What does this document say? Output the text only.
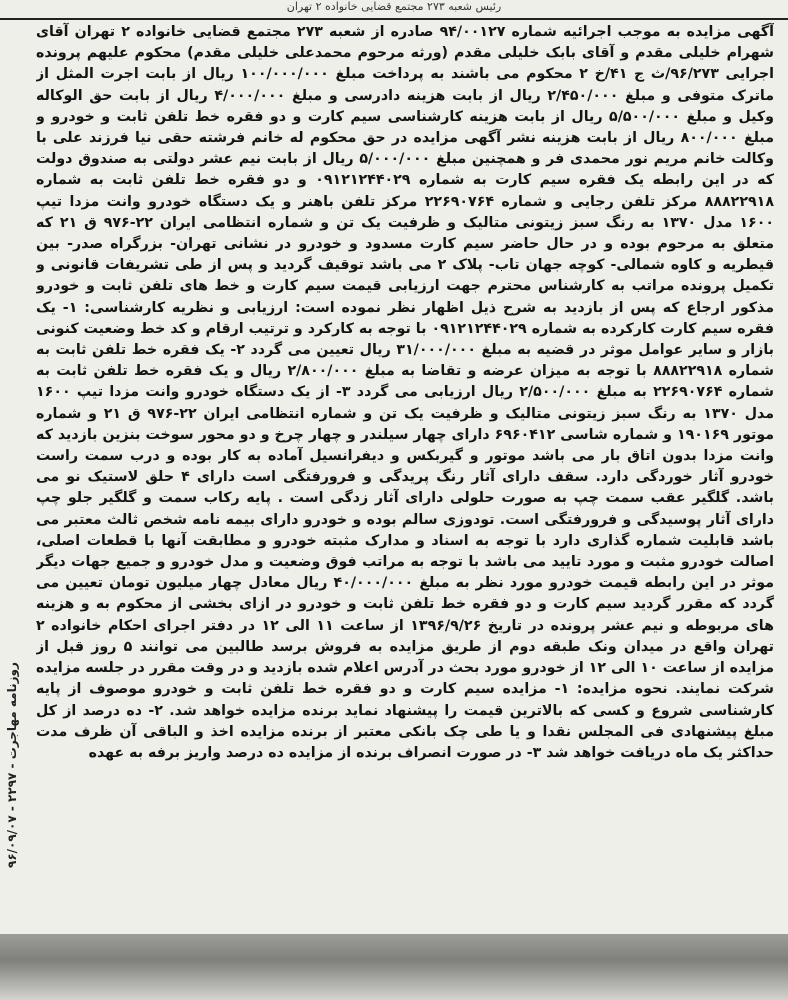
رئیس شعبه ۲۷۳ مجتمع قضایی خانواده ۲ تهران

آگهی مزایده به موجب اجرائیه شماره ۹۴/۰۰۱۲۷ صادره از شعبه ۲۷۳ مجتمع قضایی خانواده ۲ تهران آقای شهرام خلیلی مقدم و آقای بابک خلیلی مقدم (ورثه مرحوم محمدعلی خلیلی مقدم) محکوم علیهم پرونده اجرایی ۹۶/۲۷۳/ث ج ۴۱/خ ۲ محکوم می باشند به پرداخت مبلغ ۱۰۰/۰۰۰/۰۰۰ ریال از بابت اجرت المثل از ماترک متوفی و مبلغ ۲/۴۵۰/۰۰۰ ریال از بابت هزینه دادرسی و مبلغ ۴/۰۰۰/۰۰۰ ریال از بابت حق الوکاله وکیل و مبلغ ۵/۵۰۰/۰۰۰ ریال از بابت هزینه کارشناسی سیم کارت و دو فقره خط تلفن ثابت و خودرو و مبلغ ۸۰۰/۰۰۰ ریال از بابت هزینه نشر آگهی مزایده در حق محکوم له خانم فرشته حقی نیا فرزند علی با وکالت خانم مریم نور محمدی فر و همچنین مبلغ ۵/۰۰۰/۰۰۰ ریال از بابت نیم عشر دولتی به صندوق دولت که در این رابطه یک فقره سیم کارت به شماره ۰۹۱۲۱۲۴۴۰۲۹ و دو فقره خط تلفن ثابت به شماره ۸۸۸۲۲۹۱۸ مرکز تلفن رجایی و شماره ۲۲۶۹۰۷۶۴ مرکز تلفن باهنر و یک دستگاه خودرو وانت مزدا تیپ ۱۶۰۰ مدل ۱۳۷۰ به رنگ سبز زیتونی متالیک و ظرفیت یک تن و شماره انتظامی ایران ۲۲-۹۷۶ ق ۲۱ که متعلق به مرحوم بوده و در حال حاضر سیم کارت مسدود و خودرو در نشانی تهران- بزرگراه صدر- بین قیطریه و کاوه شمالی- کوچه جهان تاب- پلاک ۲ می باشد توقیف گردید و پس از طی تشریفات قانونی و تکمیل پرونده مراتب به کارشناس محترم جهت ارزیابی قیمت سیم کارت و خط های تلفن ثابت و خودرو مذکور ارجاع که پس از بازدید به شرح ذیل اظهار نظر نموده است: ارزیابی و نظریه کارشناسی: ۱- یک فقره سیم کارت کارکرده به شماره ۰۹۱۲۱۲۴۴۰۲۹ با توجه به کارکرد و ترتیب ارقام و کد خط وضعیت کنونی بازار و سایر عوامل موثر در قضیه به مبلغ ۳۱/۰۰۰/۰۰۰ ریال تعیین می گردد ۲- یک فقره خط تلفن ثابت به شماره ۸۸۸۲۲۹۱۸ با توجه به میزان عرضه و تقاضا به مبلغ ۲/۸۰۰/۰۰۰ ریال و یک فقره خط تلفن ثابت به شماره ۲۲۶۹۰۷۶۴ به مبلغ ۲/۵۰۰/۰۰۰ ریال ارزیابی می گردد ۳- از یک دستگاه خودرو وانت مزدا تیپ ۱۶۰۰ مدل ۱۳۷۰ به رنگ سبز زیتونی متالیک و ظرفیت یک تن و شماره انتظامی ایران ۲۲-۹۷۶ ق ۲۱ و شماره موتور ۱۹۰۱۶۹ و شماره شاسی ۶۹۶۰۴۱۲ دارای چهار سیلندر و چهار چرخ و دو محور سوخت بنزین بازدید که وانت مزدا بدون اتاق بار می باشد موتور و گیربکس و دیفرانسیل آماده به کار بوده و درب سمت راست خودرو آثار خوردگی دارد. سقف دارای آثار رنگ پریدگی و فرورفتگی است دارای ۴ حلق لاستیک نو می باشد. گلگیر عقب سمت چپ به صورت حلولی دارای آثار زدگی است . پایه رکاب سمت و گلگیر جلو چپ دارای آثار پوسیدگی و فرورفتگی است. تودوزی سالم بوده و خودرو دارای بیمه نامه شخص ثالث معتبر می باشد قابلیت شماره گذاری دارد با توجه به اسناد و مدارک مثبته خودرو و مطابقت آنها با قطعات اصلی، اصالت خودرو مثبت و مورد تایید می باشد با توجه به مراتب فوق وضعیت و مدل خودرو و جمیع جهات دیگر موثر در این رابطه قیمت خودرو مورد نظر به مبلغ ۴۰/۰۰۰/۰۰۰ ریال معادل چهار میلیون تومان تعیین می گردد که مقرر گردید سیم کارت و دو فقره خط تلفن ثابت و خودرو در ازای بخشی از محکوم به و هزینه های مربوطه و نیم عشر پرونده در تاریخ ۱۳۹۶/۹/۲۶ از ساعت ۱۱ الی ۱۲ در دفتر اجرای احکام خانواده ۲ تهران واقع در میدان ونک طبقه دوم از طریق مزایده به فروش برسد طالبین می توانند ۵ روز قبل از مزایده از ساعت ۱۰ الی ۱۲ از خودرو مورد بحث در آدرس اعلام شده بازدید و در وقت مقرر در جلسه مزایده شرکت نمایند. نحوه مزایده: ۱- مزایده سیم کارت و دو فقره خط تلفن ثابت و خودرو موصوف از پایه کارشناسی شروع و کسی که بالاترین قیمت را پیشنهاد نماید برنده مزایده خواهد شد. ۲- ده درصد از کل مبلغ پیشنهادی فی المجلس نقدا و یا طی چک بانکی معتبر از برنده مزایده اخذ و الباقی آن ظرف مدت حداکثر یک ماه دریافت خواهد شد ۳- در صورت انصراف برنده از مزایده ده درصد واریز برفه به عهده

روزنامه مهاجرت - ۲۲۹۷ - ۹۶/۰۹/۰۷
